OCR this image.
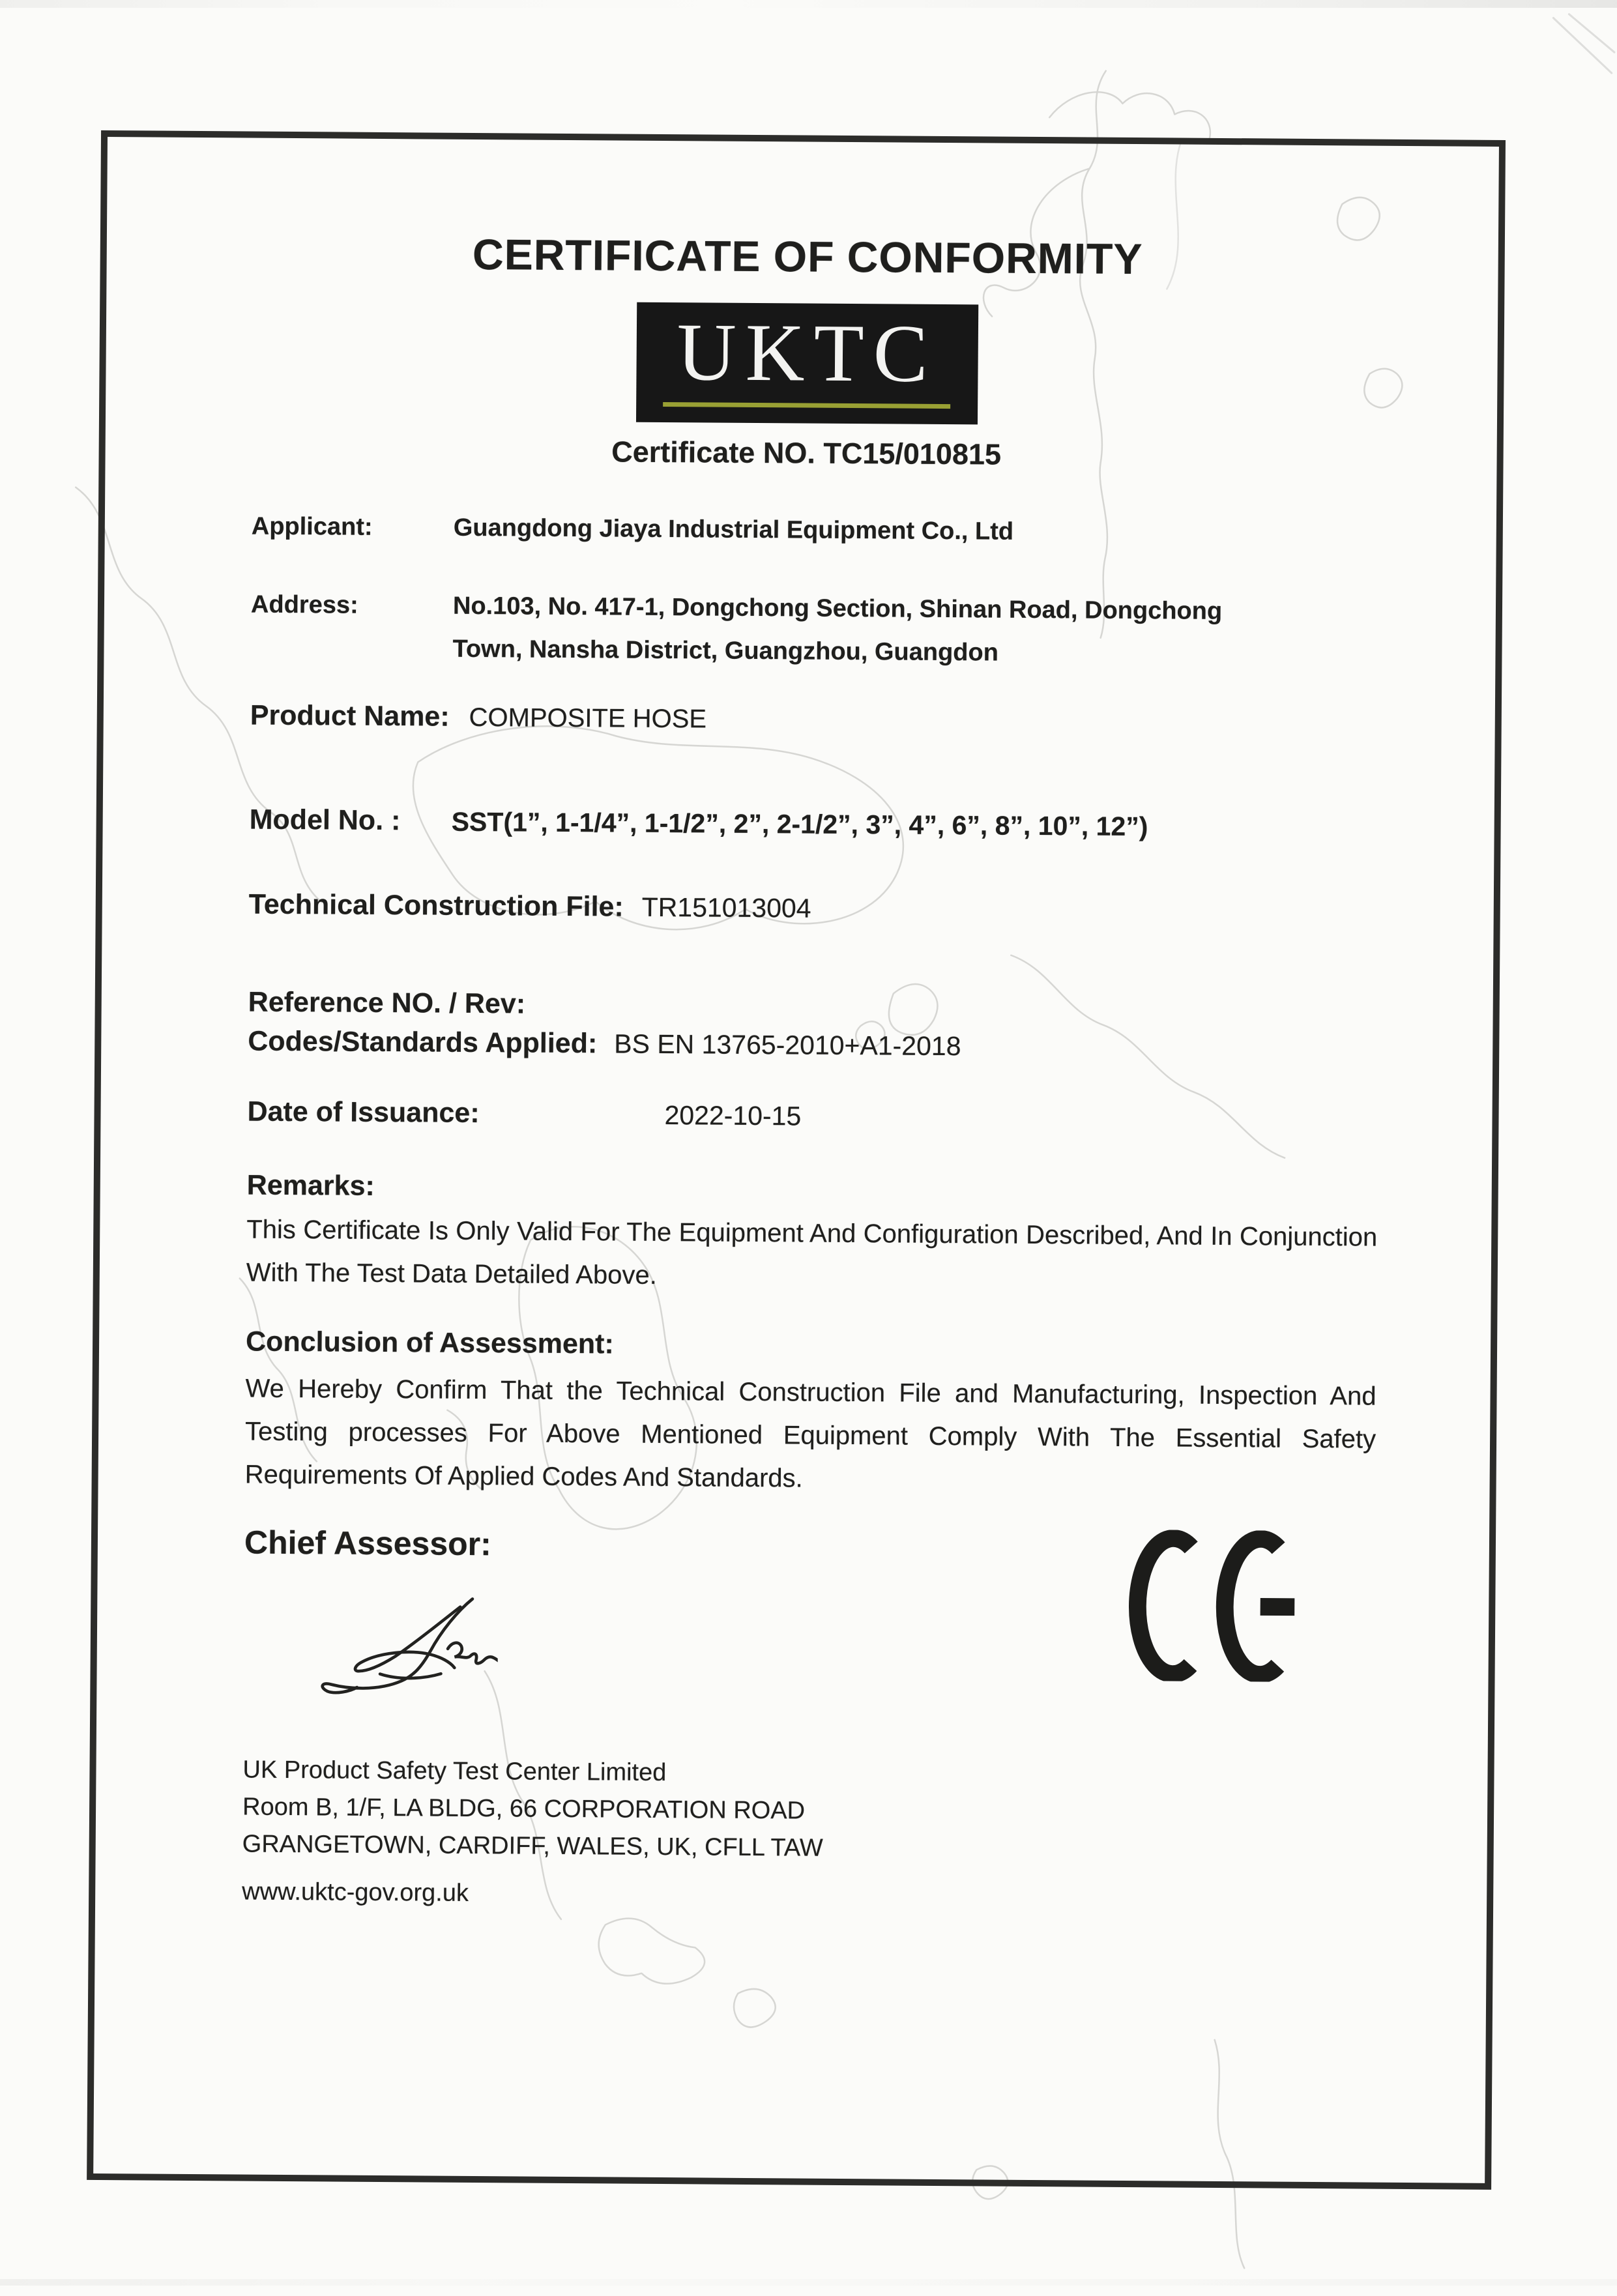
CERTIFICATE OF CONFORMITY
UKTC
Certificate NO. TC15/010815
Applicant:	Guangdong Jiaya Industrial Equipment Co., Ltd
Address:	No.103, No. 417-1, Dongchong Section, Shinan Road, Dongchong
Town, Nansha District, Guangzhou, Guangdon
Product Name: COMPOSITE HOSE
Model No. : SST(1”, 1-1/4”, 1-1/2”, 2”, 2-1/2”, 3”, 4”, 6”, 8”, 10”, 12”)
Technical Construction File: TR151013004
Reference NO. / Rev:
Codes/Standards Applied: BS EN 13765-2010+A1-2018
Date of Issuance:	2022-10-15
Remarks:
This Certificate Is Only Valid For The Equipment And Configuration Described, And In Conjunction With The Test Data Detailed Above.
Conclusion of Assessment:
We Hereby Confirm That the Technical Construction File and Manufacturing, Inspection And Testing processes For Above Mentioned Equipment Comply With The Essential Safety Requirements Of Applied Codes And Standards.
Chief Assessor:
UK Product Safety Test Center Limited
Room B, 1/F, LA BLDG, 66 CORPORATION ROAD
GRANGETOWN, CARDIFF, WALES, UK, CFLL TAW
www.uktc-gov.org.uk
